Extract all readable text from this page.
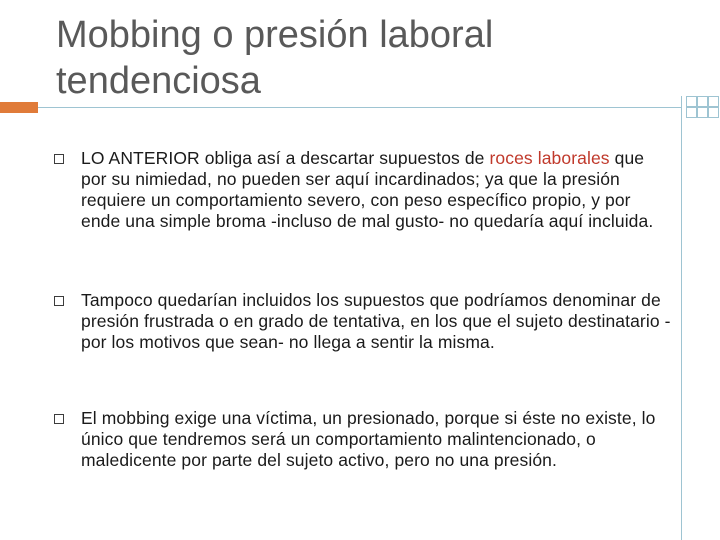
Mobbing o presión laboral
tendenciosa
LO ANTERIOR obliga así a descartar supuestos de roces laborales que por su nimiedad, no pueden ser aquí incardinados; ya que la presión requiere un comportamiento severo, con peso específico propio, y por ende una simple broma -incluso de mal gusto- no quedaría aquí incluida.
Tampoco quedarían incluidos los supuestos que podríamos denominar de presión frustrada o en grado de tentativa, en los que el sujeto destinatario -por los motivos que sean- no llega a sentir la misma.
El mobbing exige una víctima, un presionado, porque si éste no existe, lo único que tendremos será un comportamiento malintencionado, o maledicente por parte del sujeto activo, pero no una presión.
